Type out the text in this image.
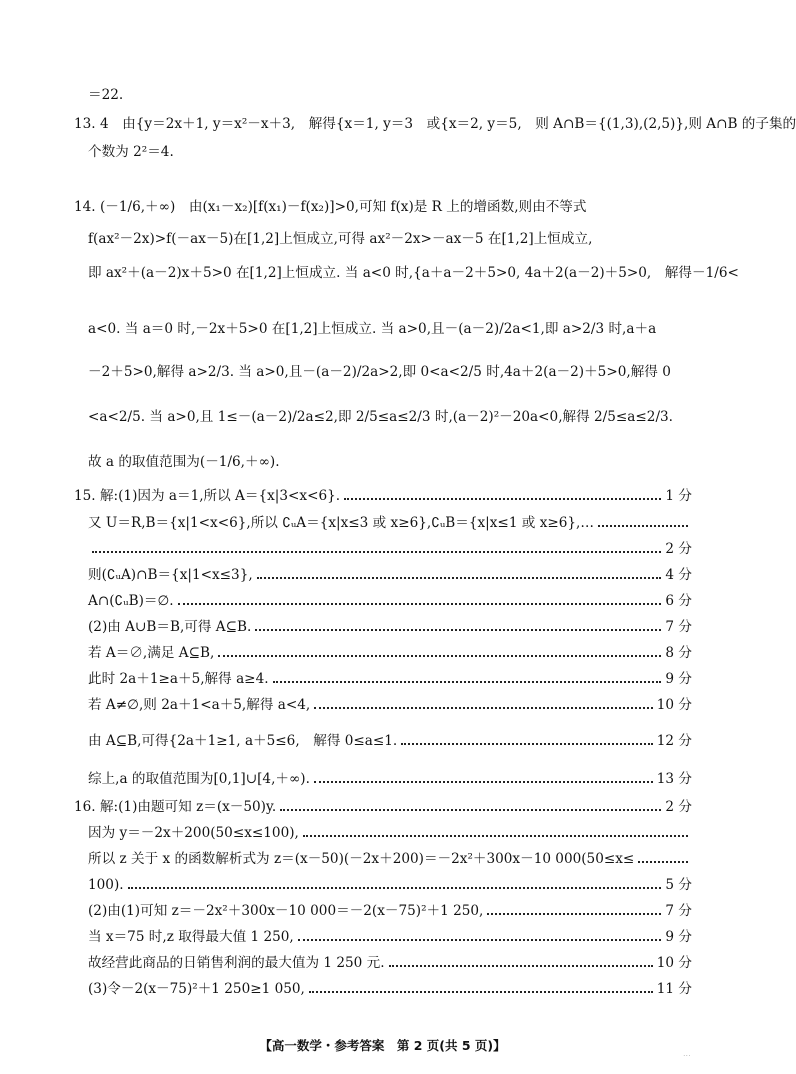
＝22.
13. 4　由{y＝2x＋1, y＝x²－x＋3,　解得{x＝1, y＝3　或{x＝2, y＝5,　则 A∩B＝{(1,3),(2,5)},则 A∩B 的子集的
个数为 2²＝4.
14. (－1/6,＋∞)　由(x₁－x₂)[f(x₁)－f(x₂)]>0,可知 f(x)是 R 上的增函数,则由不等式
f(ax²－2x)>f(－ax－5)在[1,2]上恒成立,可得 ax²－2x>－ax－5 在[1,2]上恒成立,
即 ax²＋(a－2)x＋5>0 在[1,2]上恒成立. 当 a<0 时,{a＋a－2＋5>0, 4a＋2(a－2)＋5>0,　解得－1/6<
a<0. 当 a＝0 时,－2x＋5>0 在[1,2]上恒成立. 当 a>0,且－(a－2)/2a<1,即 a>2/3 时,a＋a
－2＋5>0,解得 a>2/3. 当 a>0,且－(a－2)/2a>2,即 0<a<2/5 时,4a＋2(a－2)＋5>0,解得 0
<a<2/5. 当 a>0,且 1≤－(a－2)/2a≤2,即 2/5≤a≤2/3 时,(a－2)²－20a<0,解得 2/5≤a≤2/3.
故 a 的取值范围为(－1/6,＋∞).
15. 解:(1)因为 a＝1,所以 A＝{x|3<x<6}.	1 分
又 U＝R,B＝{x|1<x<6},所以 ∁ᵤA＝{x|x≤3 或 x≥6},∁ᵤB＝{x|x≤1 或 x≥6},…
2 分
则(∁ᵤA)∩B＝{x|1<x≤3},	4 分
A∩(∁ᵤB)＝∅.	6 分
(2)由 A∪B＝B,可得 A⊆B.	7 分
若 A＝∅,满足 A⊆B,	8 分
此时 2a＋1≥a＋5,解得 a≥4.	9 分
若 A≠∅,则 2a＋1<a＋5,解得 a<4,	10 分
由 A⊆B,可得{2a＋1≥1, a＋5≤6,　解得 0≤a≤1.	12 分
综上,a 的取值范围为[0,1]∪[4,＋∞).	13 分
16. 解:(1)由题可知 z＝(x－50)y.	2 分
因为 y＝－2x＋200(50≤x≤100),
所以 z 关于 x 的函数解析式为 z＝(x－50)(－2x＋200)＝－2x²＋300x－10 000(50≤x≤
100).	5 分
(2)由(1)可知 z＝－2x²＋300x－10 000＝－2(x－75)²＋1 250,	7 分
当 x＝75 时,z 取得最大值 1 250,	9 分
故经营此商品的日销售利润的最大值为 1 250 元.	10 分
(3)令－2(x－75)²＋1 250≥1 050,	11 分
【高一数学・参考答案　第 2 页(共 5 页)】
...
